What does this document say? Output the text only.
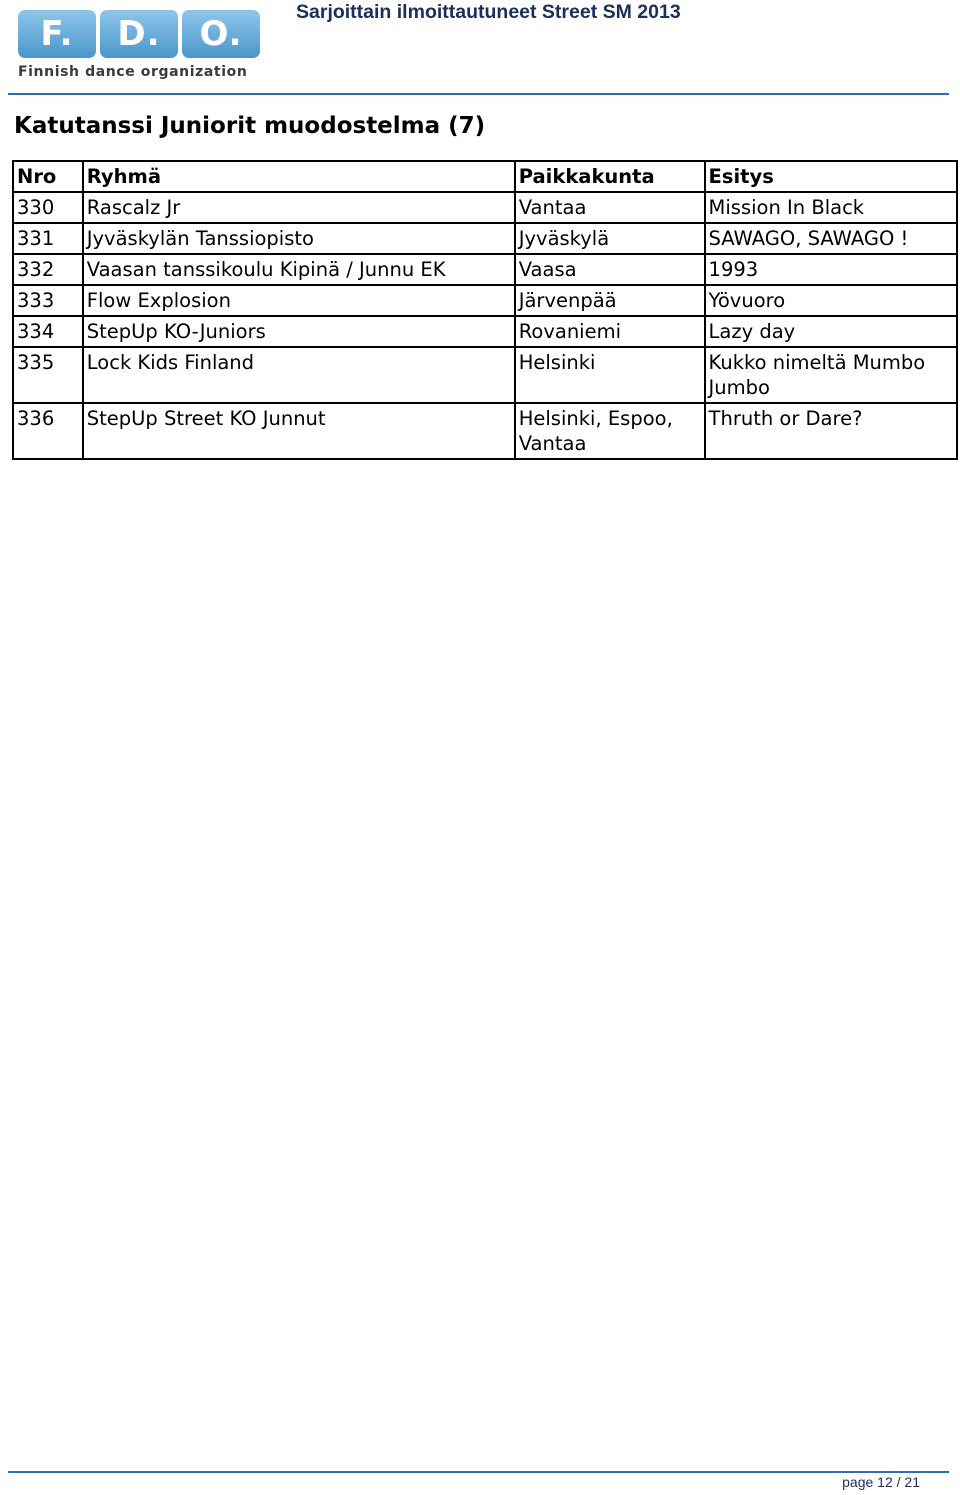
F.	D.	O.
Finnish dance organization
Sarjoittain ilmoittautuneet Street SM 2013
Katutanssi Juniorit muodostelma (7)
Nro	Ryhmä	Paikkakunta	Esitys
330	Rascalz Jr	Vantaa	Mission In Black
331	Jyväskylän Tanssiopisto	Jyväskylä	SAWAGO, SAWAGO !
332	Vaasan tanssikoulu Kipinä / Junnu EK	Vaasa	1993
333	Flow Explosion	Järvenpää	Yövuoro
334	StepUp KO-Juniors	Rovaniemi	Lazy day
335	Lock Kids Finland	Helsinki	Kukko nimeltä Mumbo Jumbo
336	StepUp Street KO Junnut	Helsinki, Espoo, Vantaa	Thruth or Dare?
page 12 / 21
